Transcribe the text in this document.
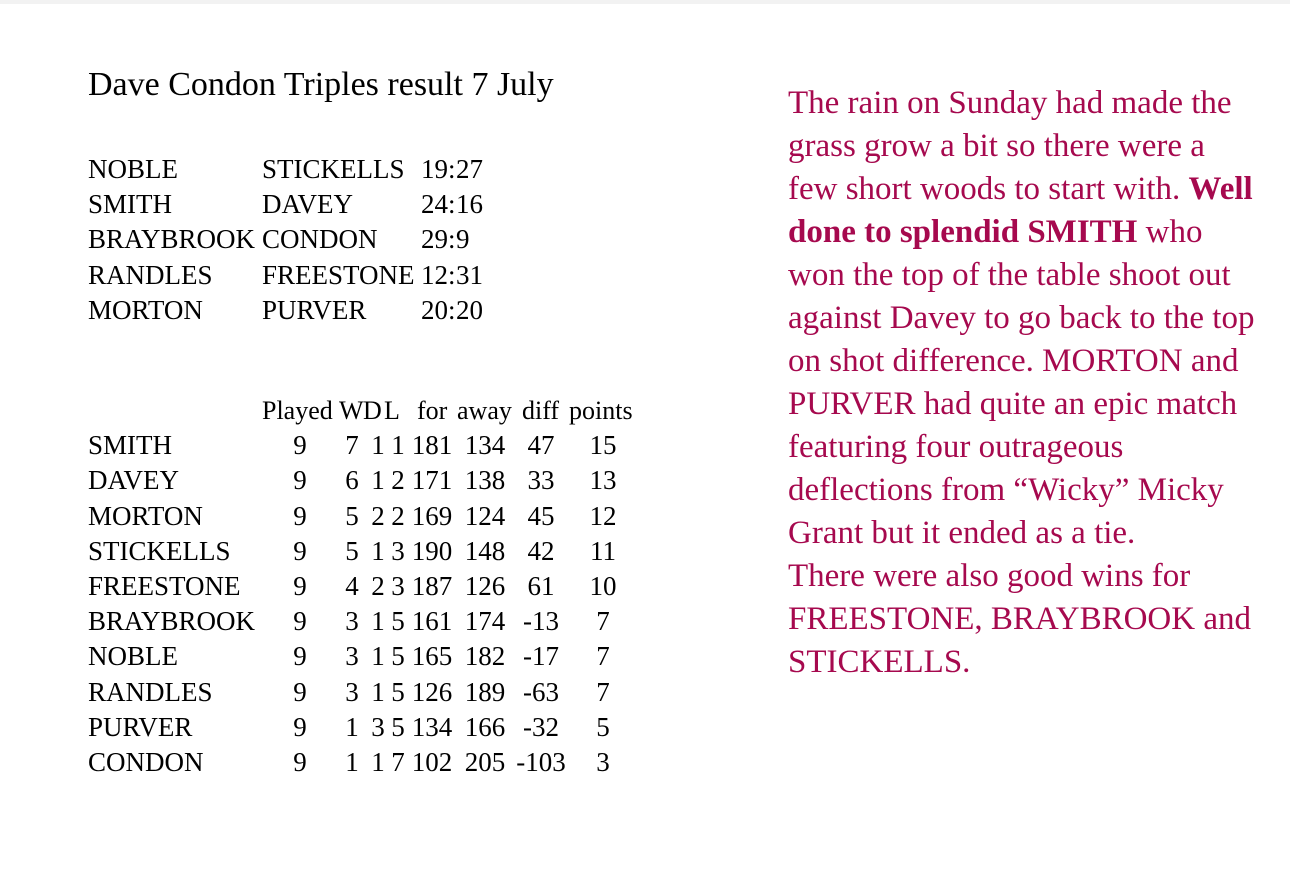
Dave Condon Triples result 7 July
NOBLE	STICKELLS 19 : 27
SMITH	DAVEY	24 : 16
BRAYBROOK CONDON 29 : 9
RANDLES FREESTONE 12 : 31
MORTON PURVER 20 : 20
Played W D L for away diff points
SMITH	9 7 1 1 181 134 47 15
DAVEY	9 6 1 2 171 138 33 13
MORTON	9 5 2 2 169 124 45 12
STICKELLS 9 5 1 3 190 148 42 11
FREESTONE 9 4 2 3 187 126 61 10
BRAYBROOK 9 3 1 5 161 174 -13 7
NOBLE	9 3 1 5 165 182 -17 7
RANDLES	9 3 1 5 126 189 -63 7
PURVER	9 1 3 5 134 166 -32 5
CONDON	9 1 1 7 102 205 -103 3

The rain on Sunday had made the grass grow a bit so there were a few short woods to start with. Well done to splendid SMITH who won the top of the table shoot out against Davey to go back to the top on shot difference. MORTON and PURVER had quite an epic match featuring four outrageous deflections from “Wicky” Micky Grant but it ended as a tie.

There were also good wins for FREESTONE, BRAYBROOK and STICKELLS.
